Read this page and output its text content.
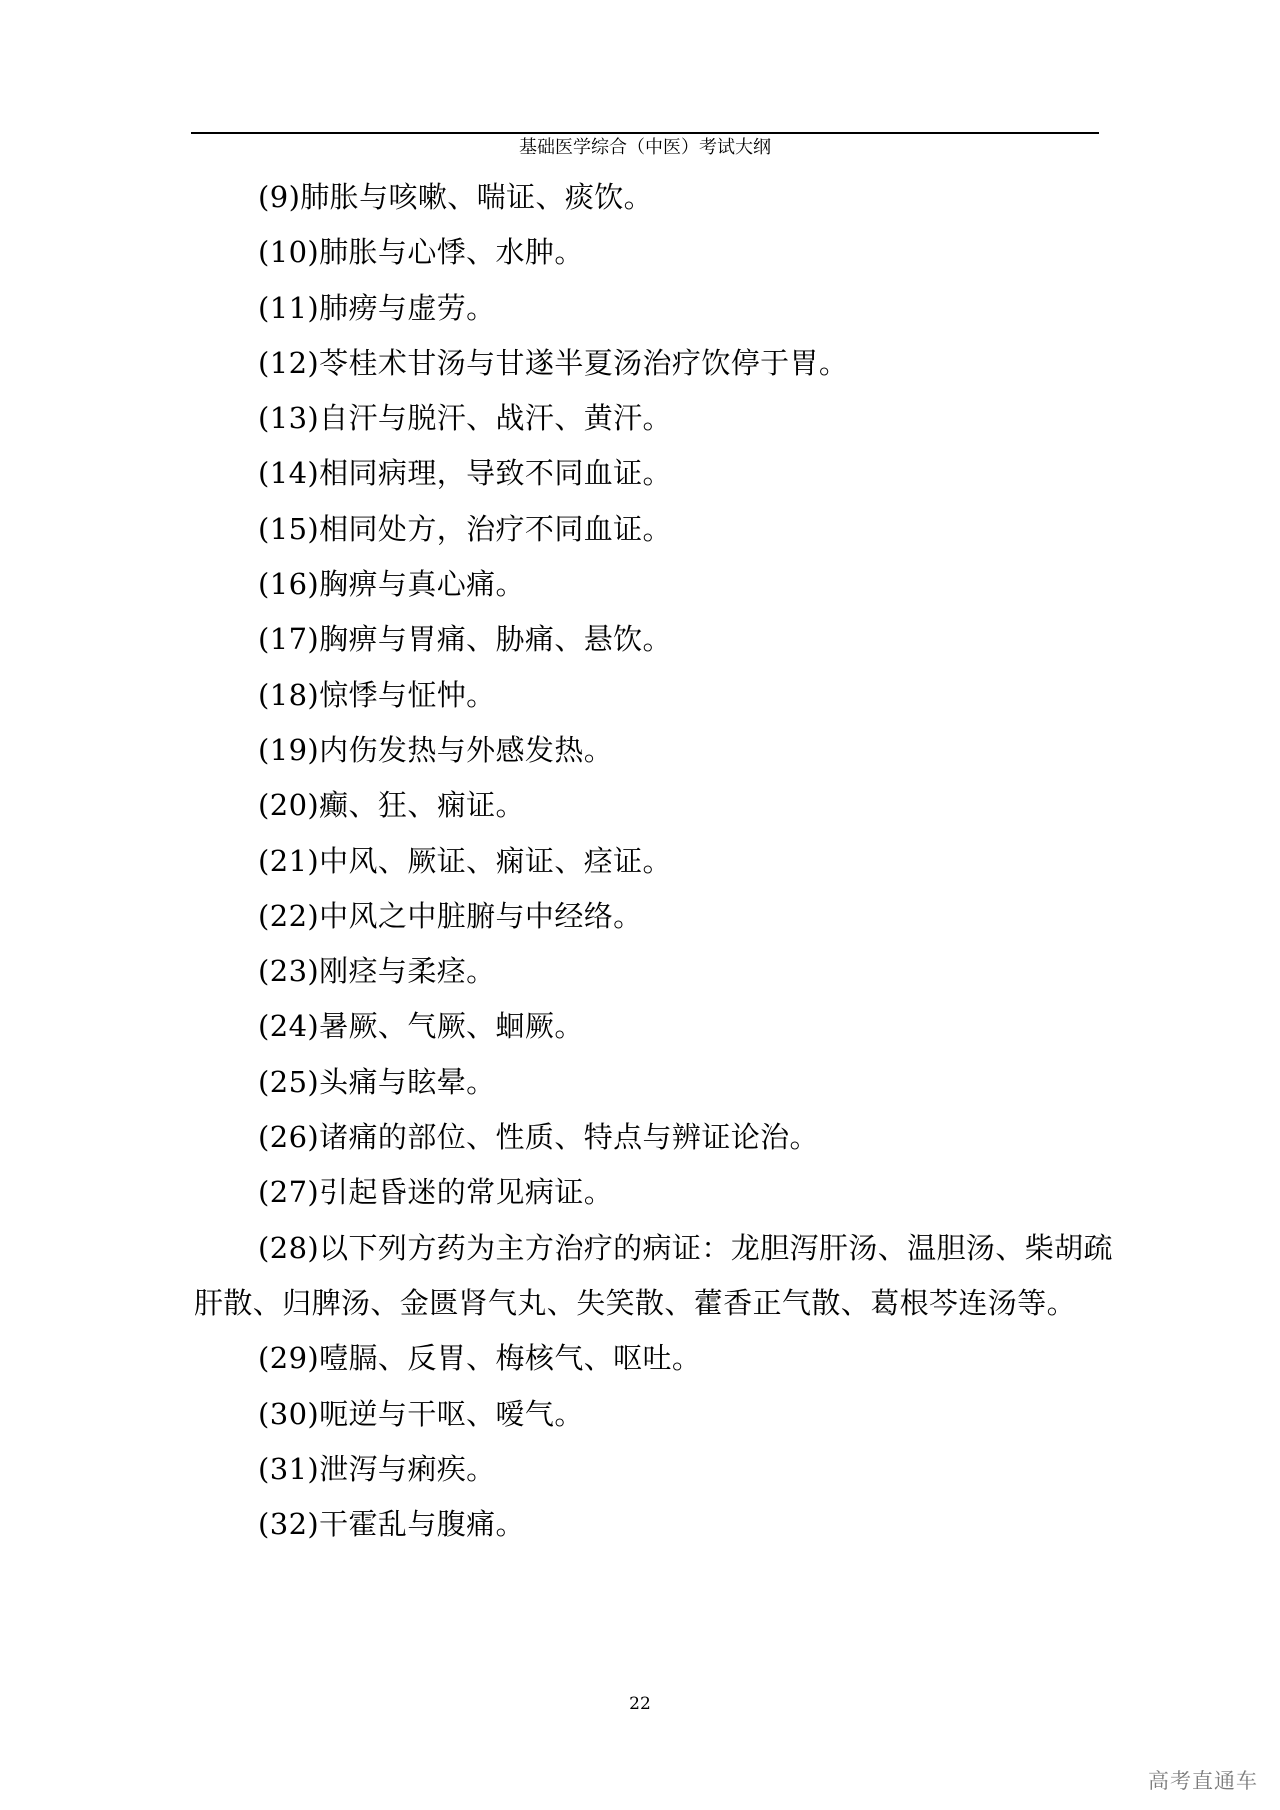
基础医学综合（中医）考试大纲
(9)肺胀与咳嗽、喘证、痰饮。
(10)肺胀与心悸、水肿。
(11)肺痨与虚劳。
(12)苓桂术甘汤与甘遂半夏汤治疗饮停于胃。
(13)自汗与脱汗、战汗、黄汗。
(14)相同病理，导致不同血证。
(15)相同处方，治疗不同血证。
(16)胸痹与真心痛。
(17)胸痹与胃痛、胁痛、悬饮。
(18)惊悸与怔忡。
(19)内伤发热与外感发热。
(20)癫、狂、痫证。
(21)中风、厥证、痫证、痉证。
(22)中风之中脏腑与中经络。
(23)刚痉与柔痉。
(24)暑厥、气厥、蛔厥。
(25)头痛与眩晕。
(26)诸痛的部位、性质、特点与辨证论治。
(27)引起昏迷的常见病证。
(28)以下列方药为主方治疗的病证：龙胆泻肝汤、温胆汤、柴胡疏肝散、归脾汤、金匮肾气丸、失笑散、藿香正气散、葛根芩连汤等。
(29)噎膈、反胃、梅核气、呕吐。
(30)呃逆与干呕、嗳气。
(31)泄泻与痢疾。
(32)干霍乱与腹痛。
22
高考直通车
